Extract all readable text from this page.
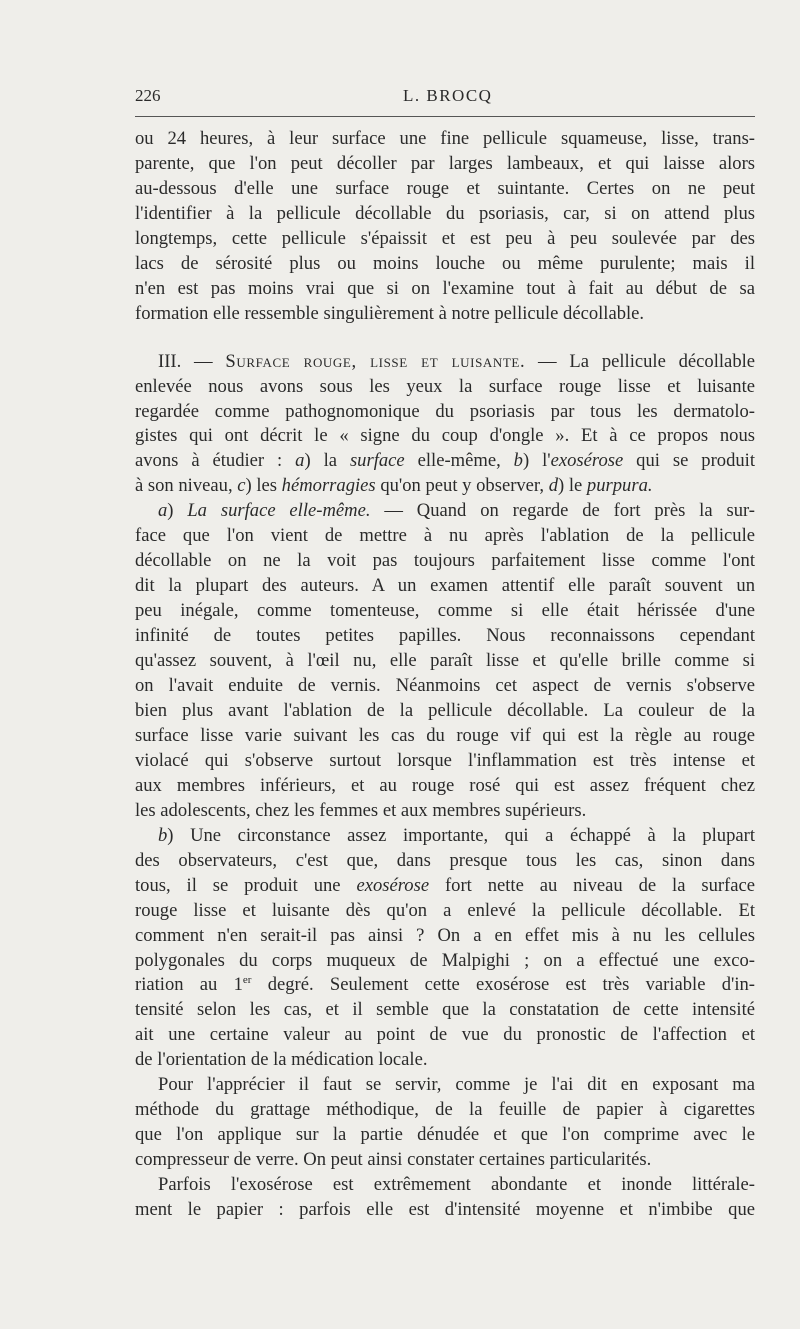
226	L. BROCQ

ou 24 heures, à leur surface une fine pellicule squameuse, lisse, trans-

parente, que l'on peut décoller par larges lambeaux, et qui laisse alors

au-dessous d'elle une surface rouge et suintante. Certes on ne peut

l'identifier à la pellicule décollable du psoriasis, car, si on attend plus

longtemps, cette pellicule s'épaissit et est peu à peu soulevée par des

lacs de sérosité plus ou moins louche ou même purulente; mais il

n'en est pas moins vrai que si on l'examine tout à fait au début de sa

formation elle ressemble singulièrement à notre pellicule décollable.

III. — Surface rouge, lisse et luisante. — La pellicule décollable

enlevée nous avons sous les yeux la surface rouge lisse et luisante

regardée comme pathognomonique du psoriasis par tous les dermatolo-

gistes qui ont décrit le « signe du coup d'ongle ». Et à ce propos nous

avons à étudier : a) la surface elle-même, b) l'exosérose qui se produit

à son niveau, c) les hémorragies qu'on peut y observer, d) le purpura.

a) La surface elle-même. — Quand on regarde de fort près la sur-

face que l'on vient de mettre à nu après l'ablation de la pellicule

décollable on ne la voit pas toujours parfaitement lisse comme l'ont

dit la plupart des auteurs. A un examen attentif elle paraît souvent un

peu inégale, comme tomenteuse, comme si elle était hérissée d'une

infinité de toutes petites papilles. Nous reconnaissons cependant

qu'assez souvent, à l'œil nu, elle paraît lisse et qu'elle brille comme si

on l'avait enduite de vernis. Néanmoins cet aspect de vernis s'observe

bien plus avant l'ablation de la pellicule décollable. La couleur de la

surface lisse varie suivant les cas du rouge vif qui est la règle au rouge

violacé qui s'observe surtout lorsque l'inflammation est très intense et

aux membres inférieurs, et au rouge rosé qui est assez fréquent chez

les adolescents, chez les femmes et aux membres supérieurs.

b) Une circonstance assez importante, qui a échappé à la plupart

des observateurs, c'est que, dans presque tous les cas, sinon dans

tous, il se produit une exosérose fort nette au niveau de la surface

rouge lisse et luisante dès qu'on a enlevé la pellicule décollable. Et

comment n'en serait-il pas ainsi ? On a en effet mis à nu les cellules

polygonales du corps muqueux de Malpighi ; on a effectué une exco-

riation au 1er degré. Seulement cette exosérose est très variable d'in-

tensité selon les cas, et il semble que la constatation de cette intensité

ait une certaine valeur au point de vue du pronostic de l'affection et

de l'orientation de la médication locale.

Pour l'apprécier il faut se servir, comme je l'ai dit en exposant ma

méthode du grattage méthodique, de la feuille de papier à cigarettes

que l'on applique sur la partie dénudée et que l'on comprime avec le

compresseur de verre. On peut ainsi constater certaines particularités.

Parfois l'exosérose est extrêmement abondante et inonde littérale-

ment le papier : parfois elle est d'intensité moyenne et n'imbibe que
